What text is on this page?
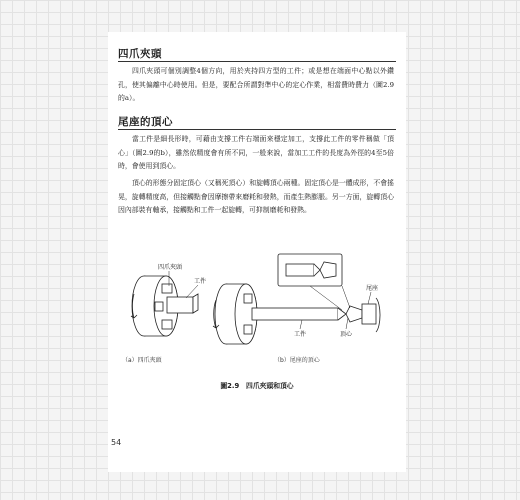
四爪夾頭

四爪夾頭可個別調整4個方向，用於夾持四方型的工件；或是想在端面中心點以外鑽孔，使其偏離中心時使用。但是，要配合所謂對準中心的定心作業，相當費時費力（圖2.9的a）。

尾座的頂心

當工件是細長形時，可藉由支撐工件右端面來穩定加工，支撐此工件的零件稱做「頂心」（圖2.9的b），雖然依精度會有所不同，一般來說，當加工工件的長度為外徑的4至5倍時，會使用到頂心。

頂心的形態分固定頂心（又稱死頂心）和旋轉頂心兩種。固定頂心是一體成形，不會搖晃，旋轉精度高，但接觸點會因摩擦帶來磨耗和發熱，而產生熱膨脹。另一方面，旋轉頂心因內部裝有軸承，接觸點和工件一起旋轉，可抑制磨耗和發熱。

四爪夾頭
工件
（a）四爪夾頭
尾座
工件	頂心
（b）尾座的頂心
圖2.9　四爪夾頭和頂心
54
